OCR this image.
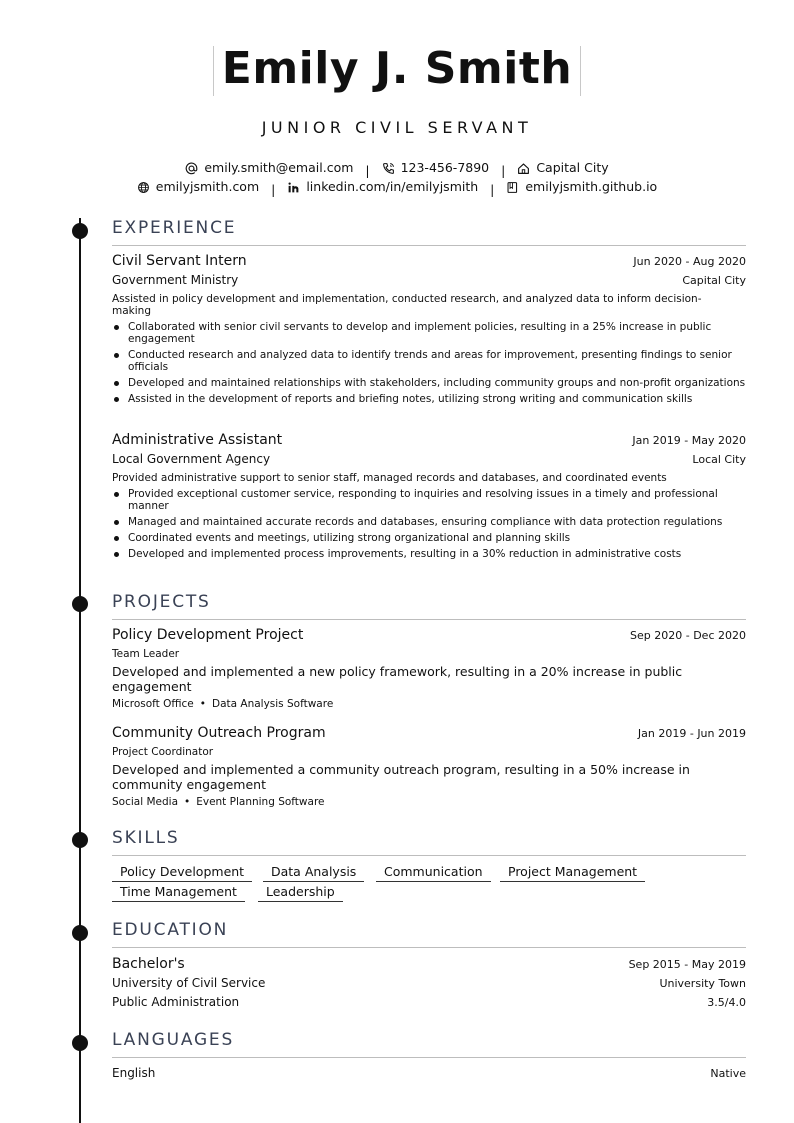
Emily J. Smith
JUNIOR CIVIL SERVANT
emily.smith@email.com | 123-456-7890 | Capital City
emilyjsmith.com | linkedin.com/in/emilyjsmith | emilyjsmith.github.io
EXPERIENCE
Civil Servant Intern	Jun 2020 - Aug 2020
Government Ministry	Capital City
Assisted in policy development and implementation, conducted research, and analyzed data to inform decision-making
Collaborated with senior civil servants to develop and implement policies, resulting in a 25% increase in public engagement
Conducted research and analyzed data to identify trends and areas for improvement, presenting findings to senior officials
Developed and maintained relationships with stakeholders, including community groups and non-profit organizations
Assisted in the development of reports and briefing notes, utilizing strong writing and communication skills
Administrative Assistant	Jan 2019 - May 2020
Local Government Agency	Local City
Provided administrative support to senior staff, managed records and databases, and coordinated events
Provided exceptional customer service, responding to inquiries and resolving issues in a timely and professional manner
Managed and maintained accurate records and databases, ensuring compliance with data protection regulations
Coordinated events and meetings, utilizing strong organizational and planning skills
Developed and implemented process improvements, resulting in a 30% reduction in administrative costs
PROJECTS
Policy Development Project	Sep 2020 - Dec 2020
Team Leader
Developed and implemented a new policy framework, resulting in a 20% increase in public engagement
Microsoft Office • Data Analysis Software
Community Outreach Program	Jan 2019 - Jun 2019
Project Coordinator
Developed and implemented a community outreach program, resulting in a 50% increase in community engagement
Social Media • Event Planning Software
SKILLS
Policy Development	Data Analysis	Communication	Project Management
Time Management	Leadership
EDUCATION
Bachelor's	Sep 2015 - May 2019
University of Civil Service	University Town
Public Administration	3.5/4.0
LANGUAGES
English	Native
